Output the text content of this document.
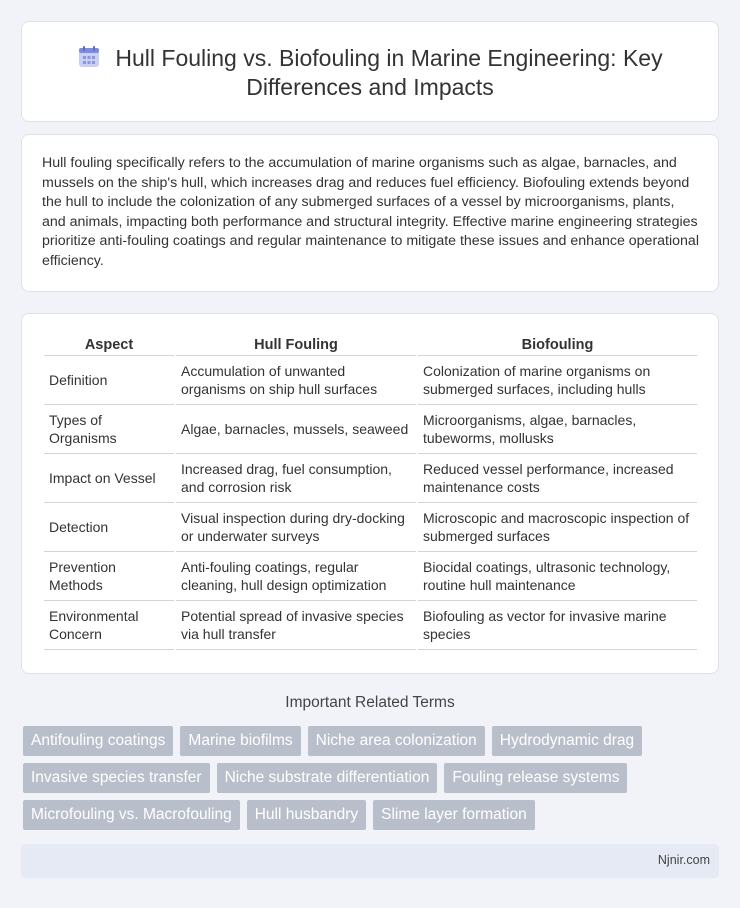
Hull Fouling vs. Biofouling in Marine Engineering: Key Differences and Impacts

Hull fouling specifically refers to the accumulation of marine organisms such as algae, barnacles, and mussels on the ship's hull, which increases drag and reduces fuel efficiency. Biofouling extends beyond the hull to include the colonization of any submerged surfaces of a vessel by microorganisms, plants, and animals, impacting both performance and structural integrity. Effective marine engineering strategies prioritize anti-fouling coatings and regular maintenance to mitigate these issues and enhance operational efficiency.

Aspect	Hull Fouling	Biofouling
Definition	Accumulation of unwanted organisms on ship hull surfaces	Colonization of marine organisms on submerged surfaces, including hulls
Types of Organisms	Algae, barnacles, mussels, seaweed	Microorganisms, algae, barnacles, tubeworms, mollusks
Impact on Vessel	Increased drag, fuel consumption, and corrosion risk	Reduced vessel performance, increased maintenance costs
Detection	Visual inspection during dry-docking or underwater surveys	Microscopic and macroscopic inspection of submerged surfaces
Prevention Methods	Anti-fouling coatings, regular cleaning, hull design optimization	Biocidal coatings, ultrasonic technology, routine hull maintenance
Environmental Concern	Potential spread of invasive species via hull transfer	Biofouling as vector for invasive marine species
Important Related Terms
Antifouling coatings	Marine biofilms	Niche area colonization	Hydrodynamic drag
Invasive species transfer	Niche substrate differentiation	Fouling release systems
Microfouling vs. Macrofouling	Hull husbandry	Slime layer formation
Njnir.com
